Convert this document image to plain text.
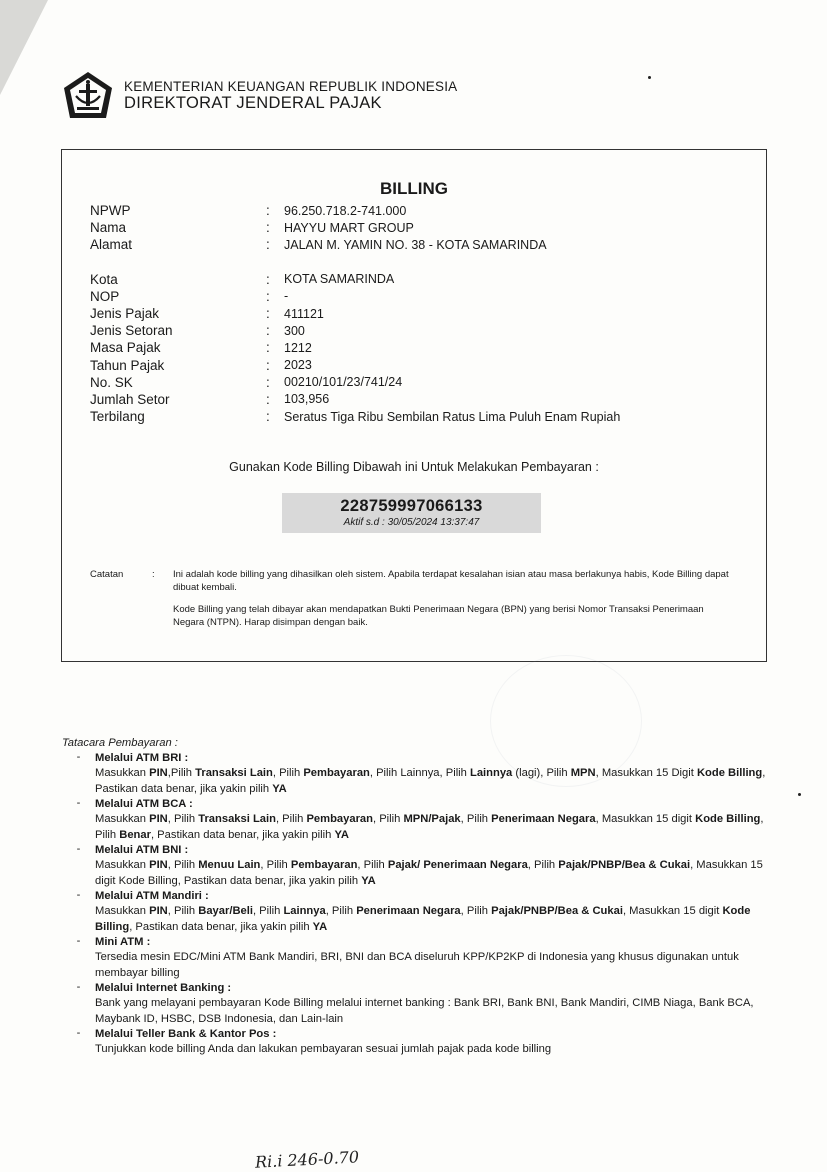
KEMENTERIAN KEUANGAN REPUBLIK INDONESIA
DIREKTORAT JENDERAL PAJAK
BILLING
NPWP	:	96.250.718.2-741.000
Nama	:	HAYYU MART GROUP
Alamat	:	JALAN M. YAMIN NO. 38 - KOTA SAMARINDA
Kota	:	KOTA SAMARINDA
NOP	:	-
Jenis Pajak	:	411121
Jenis Setoran	:	300
Masa Pajak	:	1212
Tahun Pajak	:	2023
No. SK	:	00210/101/23/741/24
Jumlah Setor	:	103,956
Terbilang	:	Seratus Tiga Ribu Sembilan Ratus Lima Puluh Enam Rupiah
Gunakan Kode Billing Dibawah ini Untuk Melakukan Pembayaran :
228759997066133
Aktif s.d : 30/05/2024 13:37:47
Catatan	:	Ini adalah kode billing yang dihasilkan oleh sistem. Apabila terdapat kesalahan isian atau masa berlakunya habis, Kode Billing dapat dibuat kembali.

Kode Billing yang telah dibayar akan mendapatkan Bukti Penerimaan Negara (BPN) yang berisi Nomor Transaksi Penerimaan Negara (NTPN). Harap disimpan dengan baik.

Tatacara Pembayaran :
-	Melalui ATM BRI :
Masukkan PIN,Pilih Transaksi Lain, Pilih Pembayaran, Pilih Lainnya, Pilih Lainnya (lagi), Pilih MPN, Masukkan 15 Digit Kode Billing, Pastikan data benar, jika yakin pilih YA
-	Melalui ATM BCA :
Masukkan PIN, Pilih Transaksi Lain, Pilih Pembayaran, Pilih MPN/Pajak, Pilih Penerimaan Negara, Masukkan 15 digit Kode Billing, Pilih Benar, Pastikan data benar, jika yakin pilih YA
-	Melalui ATM BNI :
Masukkan PIN, Pilih Menuu Lain, Pilih Pembayaran, Pilih Pajak/ Penerimaan Negara, Pilih Pajak/PNBP/Bea & Cukai, Masukkan 15 digit Kode Billing, Pastikan data benar, jika yakin pilih YA
-	Melalui ATM Mandiri :
Masukkan PIN, Pilih Bayar/Beli, Pilih Lainnya, Pilih Penerimaan Negara, Pilih Pajak/PNBP/Bea & Cukai, Masukkan 15 digit Kode Billing, Pastikan data benar, jika yakin pilih YA
-	Mini ATM :
Tersedia mesin EDC/Mini ATM Bank Mandiri, BRI, BNI dan BCA diseluruh KPP/KP2KP di Indonesia yang khusus digunakan untuk membayar billing
-	Melalui Internet Banking :
Bank yang melayani pembayaran Kode Billing melalui internet banking : Bank BRI, Bank BNI, Bank Mandiri, CIMB Niaga, Bank BCA, Maybank ID, HSBC, DSB Indonesia, dan Lain-lain
-	Melalui Teller Bank & Kantor Pos :
Tunjukkan kode billing Anda dan lakukan pembayaran sesuai jumlah pajak pada kode billing
Ri.i 246-0.70
